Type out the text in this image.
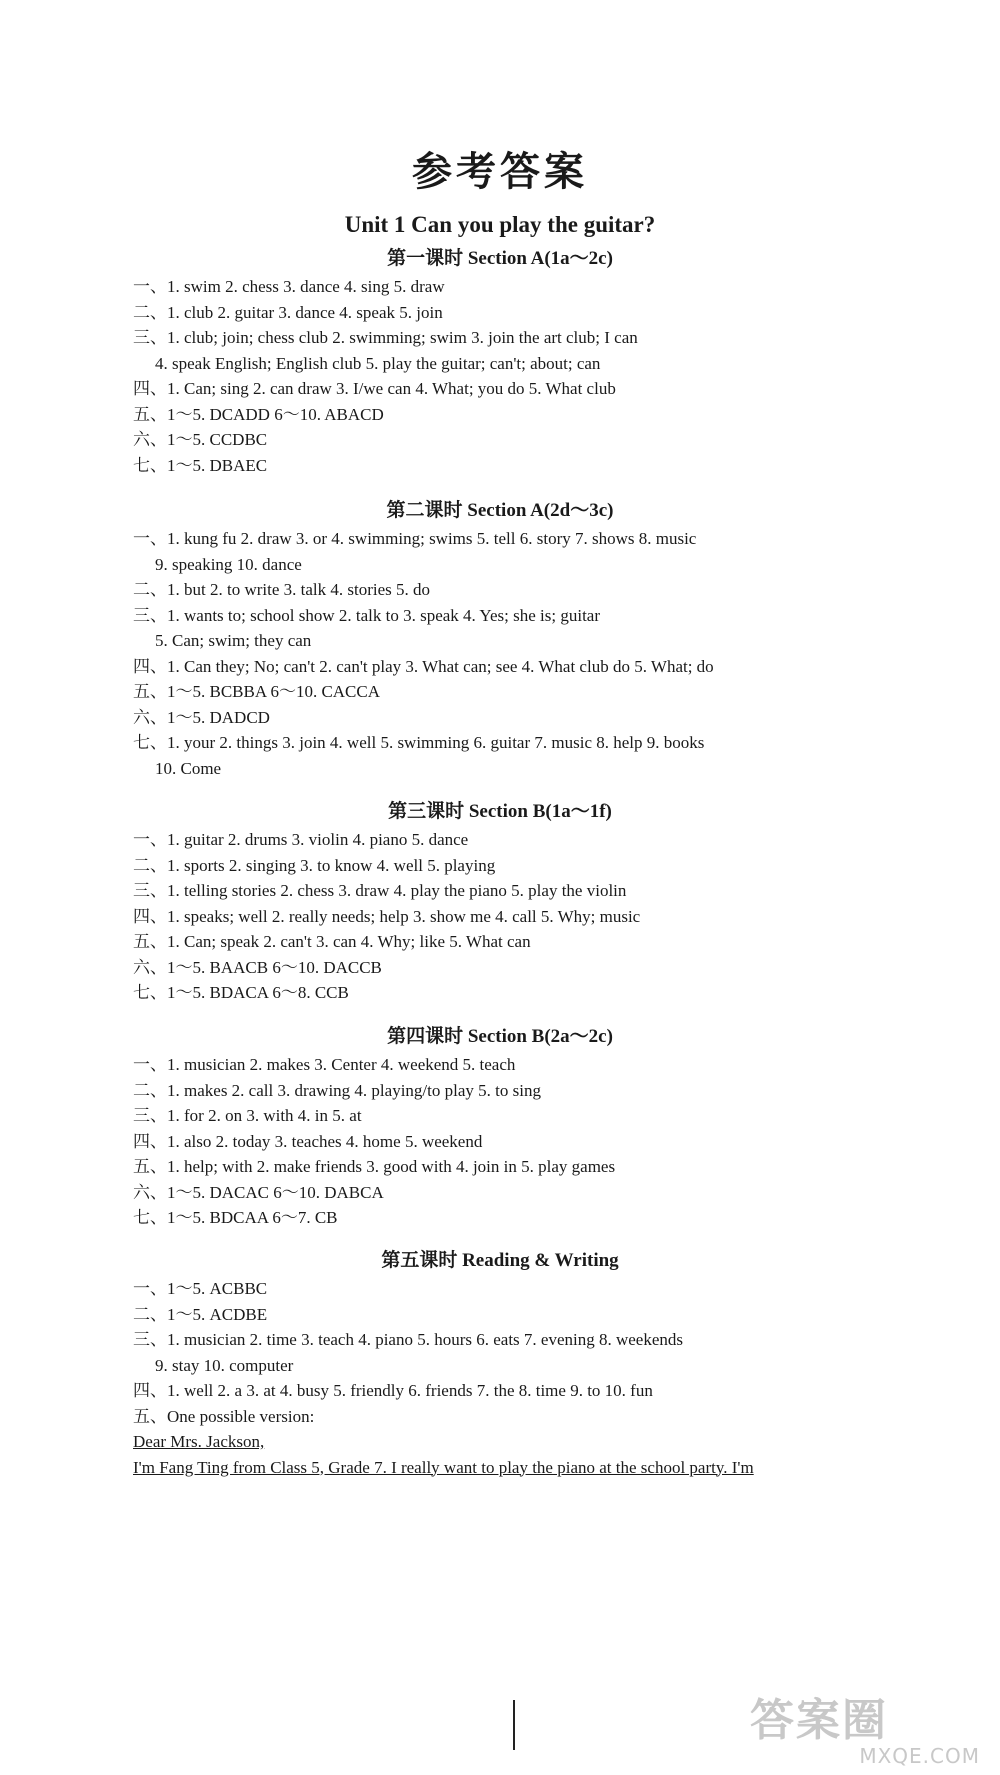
参考答案
Unit 1 Can you play the guitar?
第一课时 Section A(1a～2c)
一、1. swim 2. chess 3. dance 4. sing 5. draw
二、1. club 2. guitar 3. dance 4. speak 5. join
三、1. club; join; chess club 2. swimming; swim 3. join the art club; I can
4. speak English; English club 5. play the guitar; can't; about; can
四、1. Can; sing 2. can draw 3. I/we can 4. What; you do 5. What club
五、1～5. DCADD 6～10. ABACD
六、1～5. CCDBC
七、1～5. DBAEC
第二课时 Section A(2d～3c)
一、1. kung fu 2. draw 3. or 4. swimming; swims 5. tell 6. story 7. shows 8. music
9. speaking 10. dance
二、1. but 2. to write 3. talk 4. stories 5. do
三、1. wants to; school show 2. talk to 3. speak 4. Yes; she is; guitar
5. Can; swim; they can
四、1. Can they; No; can't 2. can't play 3. What can; see 4. What club do 5. What; do
五、1～5. BCBBA 6～10. CACCA
六、1～5. DADCD
七、1. your 2. things 3. join 4. well 5. swimming 6. guitar 7. music 8. help 9. books
10. Come
第三课时 Section B(1a～1f)
一、1. guitar 2. drums 3. violin 4. piano 5. dance
二、1. sports 2. singing 3. to know 4. well 5. playing
三、1. telling stories 2. chess 3. draw 4. play the piano 5. play the violin
四、1. speaks; well 2. really needs; help 3. show me 4. call 5. Why; music
五、1. Can; speak 2. can't 3. can 4. Why; like 5. What can
六、1～5. BAACB 6～10. DACCB
七、1～5. BDACA 6～8. CCB
第四课时 Section B(2a～2c)
一、1. musician 2. makes 3. Center 4. weekend 5. teach
二、1. makes 2. call 3. drawing 4. playing/to play 5. to sing
三、1. for 2. on 3. with 4. in 5. at
四、1. also 2. today 3. teaches 4. home 5. weekend
五、1. help; with 2. make friends 3. good with 4. join in 5. play games
六、1～5. DACAC 6～10. DABCA
七、1～5. BDCAA 6～7. CB
第五课时 Reading & Writing
一、1～5. ACBBC
二、1～5. ACDBE
三、1. musician 2. time 3. teach 4. piano 5. hours 6. eats 7. evening 8. weekends
9. stay 10. computer
四、1. well 2. a 3. at 4. busy 5. friendly 6. friends 7. the 8. time 9. to 10. fun
五、One possible version:
Dear Mrs. Jackson,
I'm Fang Ting from Class 5, Grade 7. I really want to play the piano at the school party. I'm
答案圈
MXQE.COM
